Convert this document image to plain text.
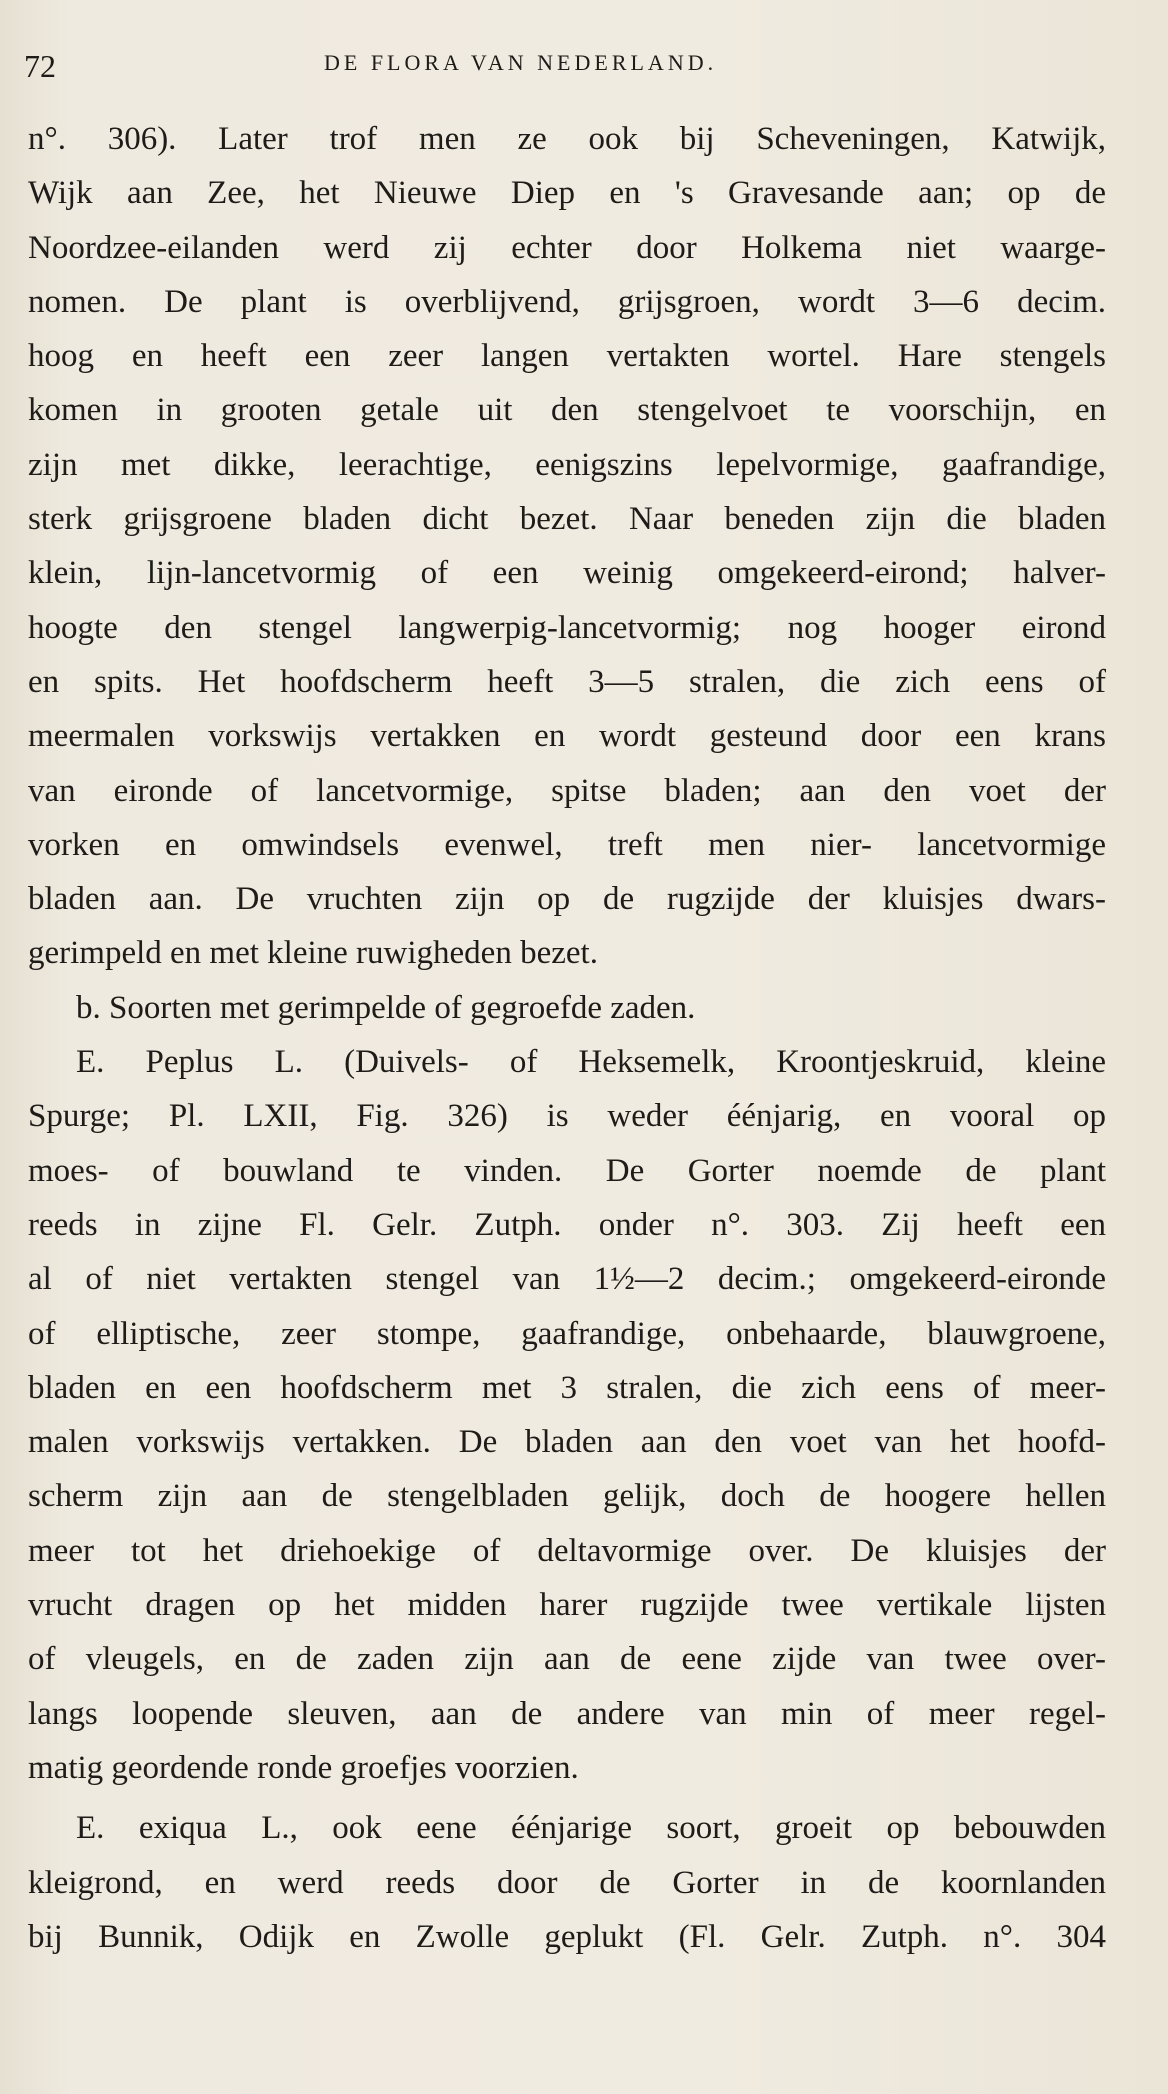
72	DE FLORA VAN NEDERLAND.
n°. 306). Later trof men ze ook bij Scheveningen, Katwijk,
Wijk aan Zee, het Nieuwe Diep en 's Gravesande aan; op de
Noordzee-eilanden werd zij echter door Holkema niet waarge-
nomen. De plant is overblijvend, grijsgroen, wordt 3—6 decim.
hoog en heeft een zeer langen vertakten wortel. Hare stengels
komen in grooten getale uit den stengelvoet te voorschijn, en
zijn met dikke, leerachtige, eenigszins lepelvormige, gaafrandige,
sterk grijsgroene bladen dicht bezet. Naar beneden zijn die bladen
klein, lijn-lancetvormig of een weinig omgekeerd-eirond; halver-
hoogte den stengel langwerpig-lancetvormig; nog hooger eirond
en spits. Het hoofdscherm heeft 3—5 stralen, die zich eens of
meermalen vorkswijs vertakken en wordt gesteund door een krans
van eironde of lancetvormige, spitse bladen; aan den voet der
vorken en omwindsels evenwel, treft men nier- lancetvormige
bladen aan. De vruchten zijn op de rugzijde der kluisjes dwars-
gerimpeld en met kleine ruwigheden bezet.
b. Soorten met gerimpelde of gegroefde zaden.
E. Peplus L. (Duivels- of Heksemelk, Kroontjeskruid, kleine
Spurge; Pl. LXII, Fig. 326) is weder éénjarig, en vooral op
moes- of bouwland te vinden. De Gorter noemde de plant
reeds in zijne Fl. Gelr. Zutph. onder n°. 303. Zij heeft een
al of niet vertakten stengel van 1½—2 decim.; omgekeerd-eironde
of elliptische, zeer stompe, gaafrandige, onbehaarde, blauwgroene,
bladen en een hoofdscherm met 3 stralen, die zich eens of meer-
malen vorkswijs vertakken. De bladen aan den voet van het hoofd-
scherm zijn aan de stengelbladen gelijk, doch de hoogere hellen
meer tot het driehoekige of deltavormige over. De kluisjes der
vrucht dragen op het midden harer rugzijde twee vertikale lijsten
of vleugels, en de zaden zijn aan de eene zijde van twee over-
langs loopende sleuven, aan de andere van min of meer regel-
matig geordende ronde groefjes voorzien.
E. exiqua L., ook eene éénjarige soort, groeit op bebouwden
kleigrond, en werd reeds door de Gorter in de koornlanden
bij Bunnik, Odijk en Zwolle geplukt (Fl. Gelr. Zutph. n°. 304
